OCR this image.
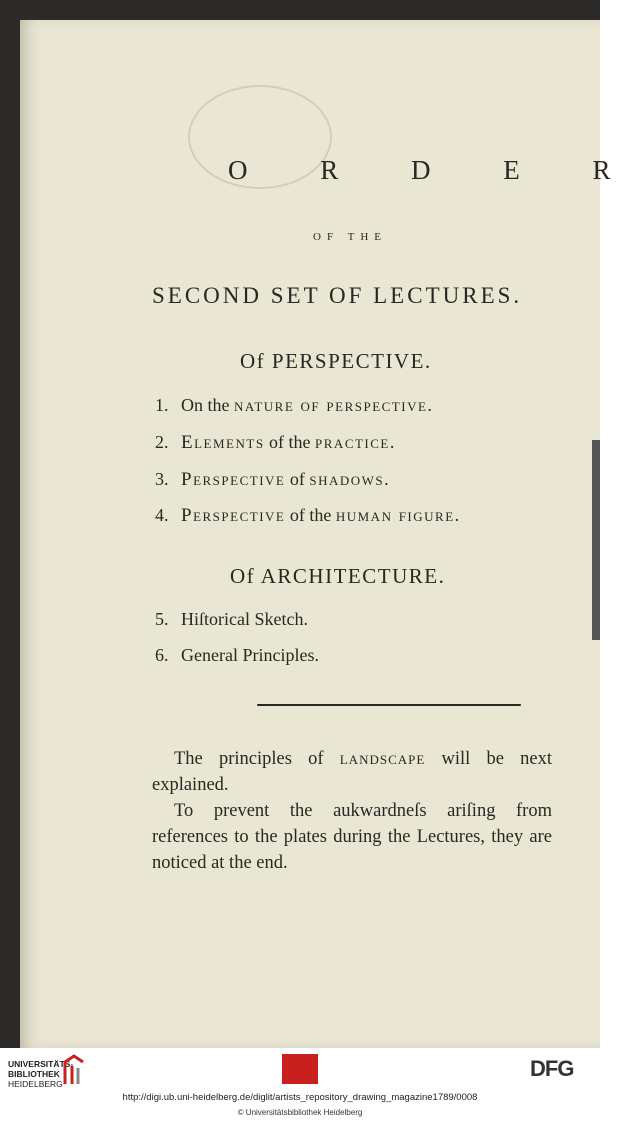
O R D E R
OF THE
SECOND SET OF LECTURES.
Of PERSPECTIVE.
1. On the nature of perspective.
2. Elements of the practice.
3. Perspective of shadows.
4. Perspective of the human figure.
Of ARCHITECTURE.
5. Hiſtorical Sketch.
6. General Principles.

The principles of landscape will be next explained.

To prevent the aukwardneſs ariſing from references to the plates during the Lectures, they are noticed at the end.

UNIVERSITÄTS-
BIBLIOTHEK
HEIDELBERG
DFG
http://digi.ub.uni-heidelberg.de/diglit/artists_repository_drawing_magazine1789/0008
© Universitätsbibliothek Heidelberg
